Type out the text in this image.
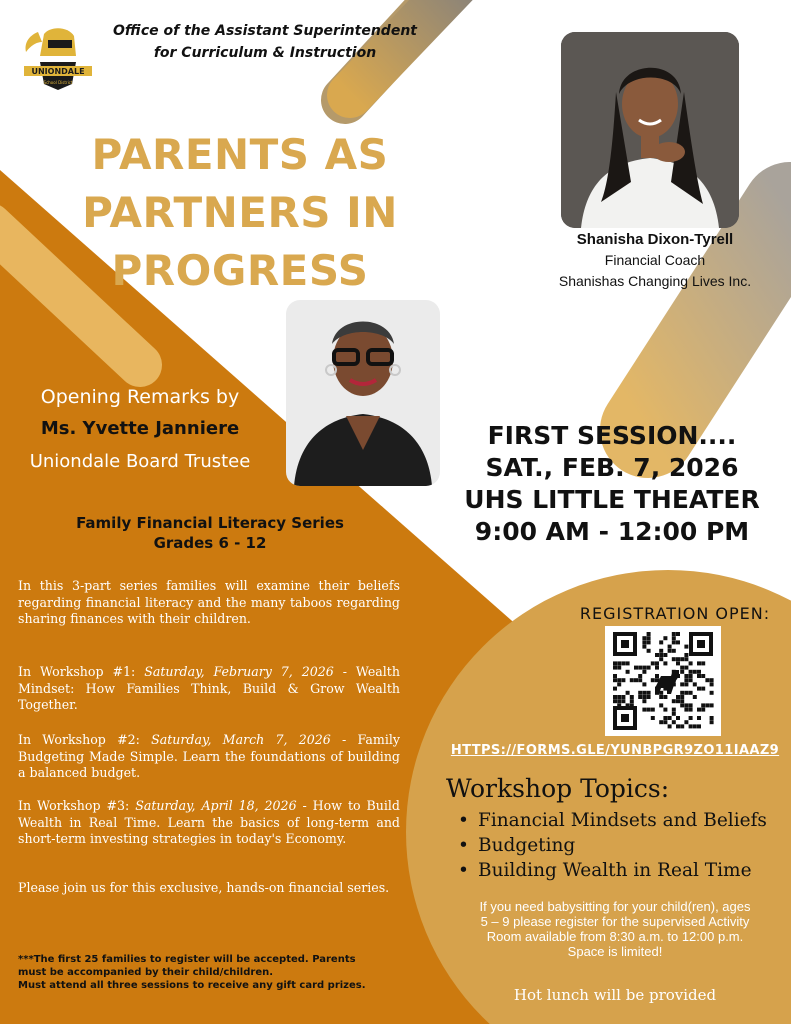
UNIONDALE
School District
Office of the Assistant Superintendent
for Curriculum & Instruction
PARENTS AS
PARTNERS IN
PROGRESS
Shanisha Dixon-Tyrell
Financial Coach
Shanishas Changing Lives Inc.
Opening Remarks by
Ms. Yvette Janniere
Uniondale Board Trustee
FIRST SESSION....
SAT., FEB. 7, 2026
UHS LITTLE THEATER
9:00 AM - 12:00 PM
Family Financial Literacy Series
Grades 6 - 12

In this 3-part series families will examine their beliefs regarding financial literacy and the many taboos regarding sharing finances with their children.

In Workshop #1: Saturday, February 7, 2026 - Wealth Mindset: How Families Think, Build & Grow Wealth Together.

In Workshop #2: Saturday, March 7, 2026 - Family Budgeting Made Simple. Learn the foundations of building a balanced budget.

In Workshop #3: Saturday, April 18, 2026 - How to Build Wealth in Real Time. Learn the basics of long-term and short-term investing strategies in today's Economy.

Please join us for this exclusive, hands-on financial series.

***The first 25 families to register will be accepted. Parents
must be accompanied by their child/children.
Must attend all three sessions to receive any gift card prizes.
REGISTRATION OPEN:
HTTPS://FORMS.GLE/YUNBPGR9ZO11IAAZ9
Workshop Topics:
• Financial Mindsets and Beliefs
• Budgeting
• Building Wealth in Real Time
If you need babysitting for your child(ren), ages
5 – 9 please register for the supervised Activity
Room available from 8:30 a.m. to 12:00 p.m.
Space is limited!
Hot lunch will be provided
